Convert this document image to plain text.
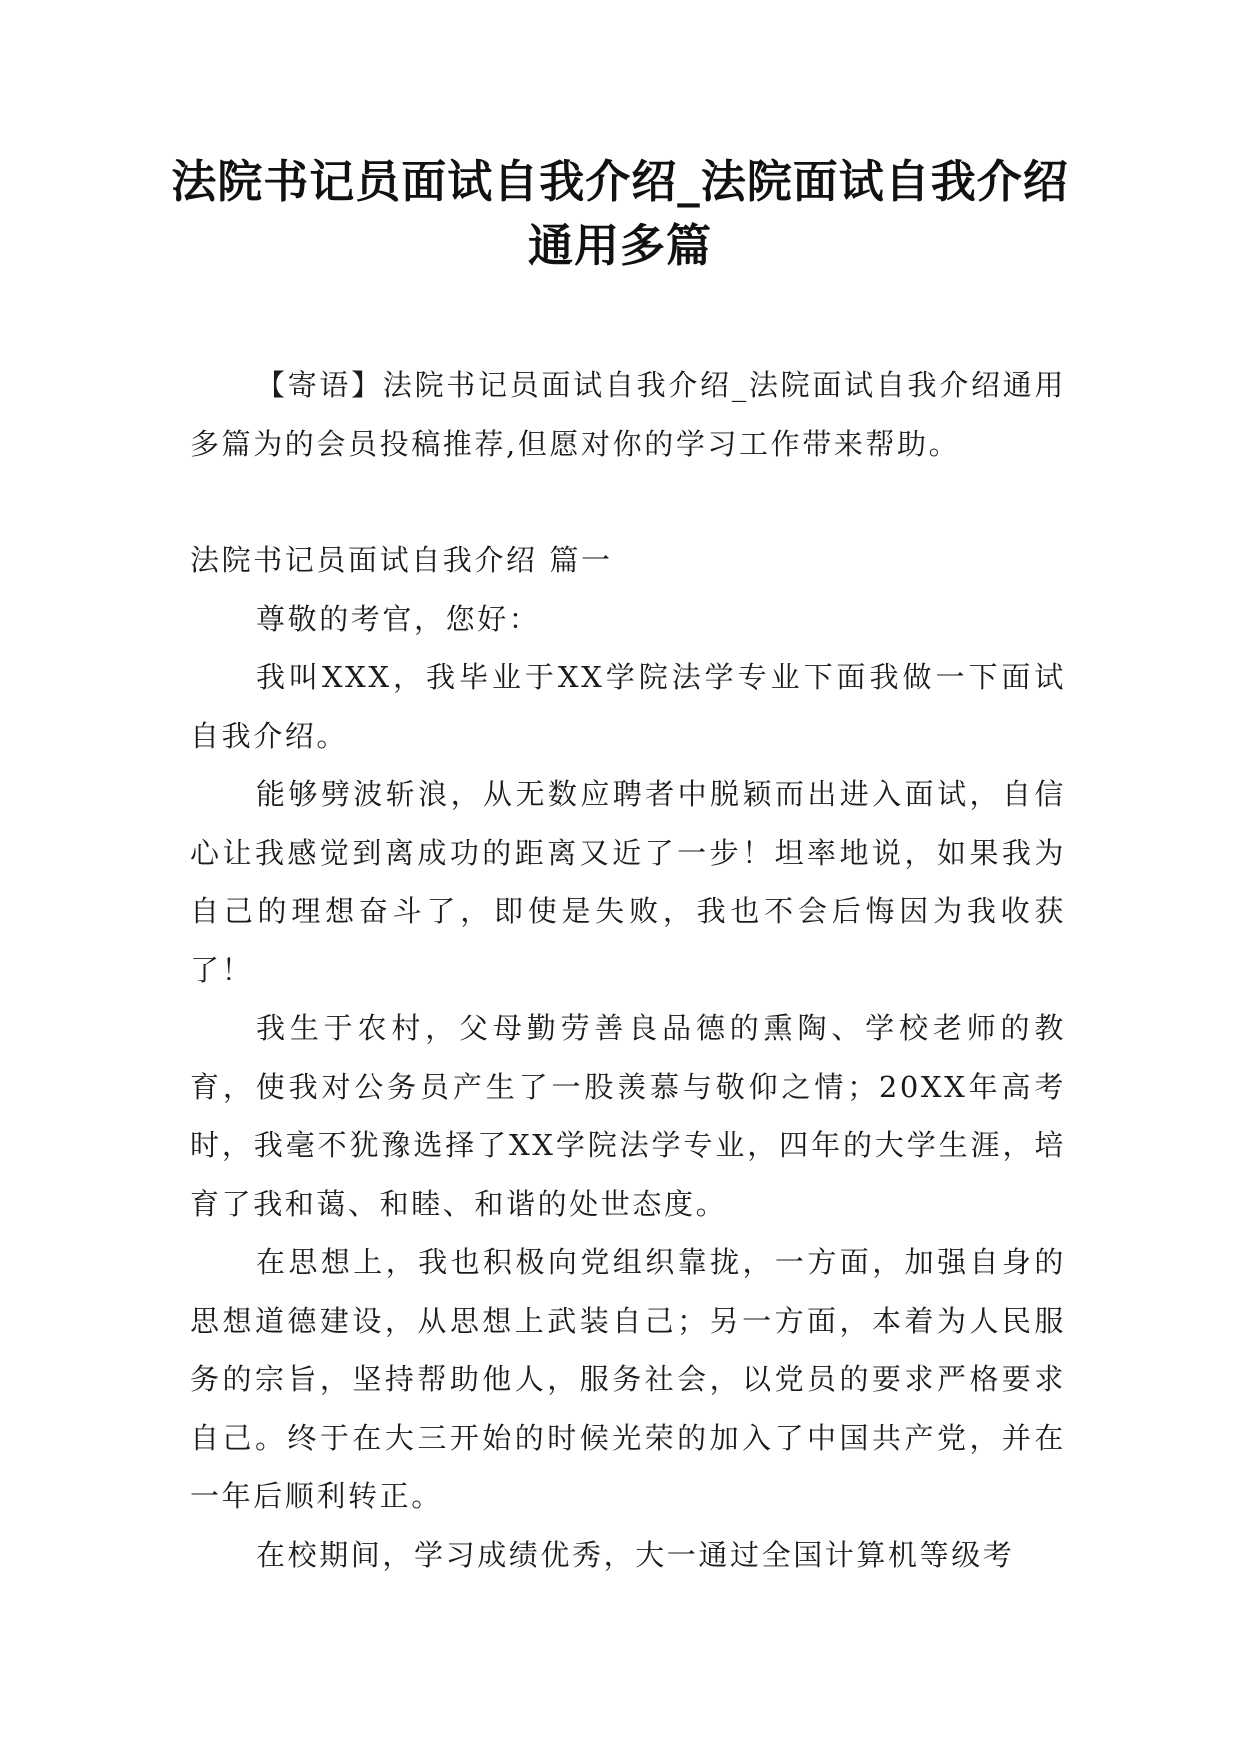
法院书记员面试自我介绍_法院面试自我介绍通用多篇

【寄语】法院书记员面试自我介绍_法院面试自我介绍通用多篇为的会员投稿推荐,但愿对你的学习工作带来帮助。

法院书记员面试自我介绍 篇一

尊敬的考官，您好：

我叫XXX，我毕业于XX学院法学专业下面我做一下面试自我介绍。

能够劈波斩浪，从无数应聘者中脱颖而出进入面试，自信心让我感觉到离成功的距离又近了一步！坦率地说，如果我为自己的理想奋斗了，即使是失败，我也不会后悔因为我收获了！

我生于农村，父母勤劳善良品德的熏陶、学校老师的教育，使我对公务员产生了一股羡慕与敬仰之情；20XX年高考时，我毫不犹豫选择了XX学院法学专业，四年的大学生涯，培育了我和蔼、和睦、和谐的处世态度。

在思想上，我也积极向党组织靠拢，一方面，加强自身的思想道德建设，从思想上武装自己；另一方面，本着为人民服务的宗旨，坚持帮助他人，服务社会，以党员的要求严格要求自己。终于在大三开始的时候光荣的加入了中国共产党，并在一年后顺利转正。

在校期间，学习成绩优秀，大一通过全国计算机等级考
